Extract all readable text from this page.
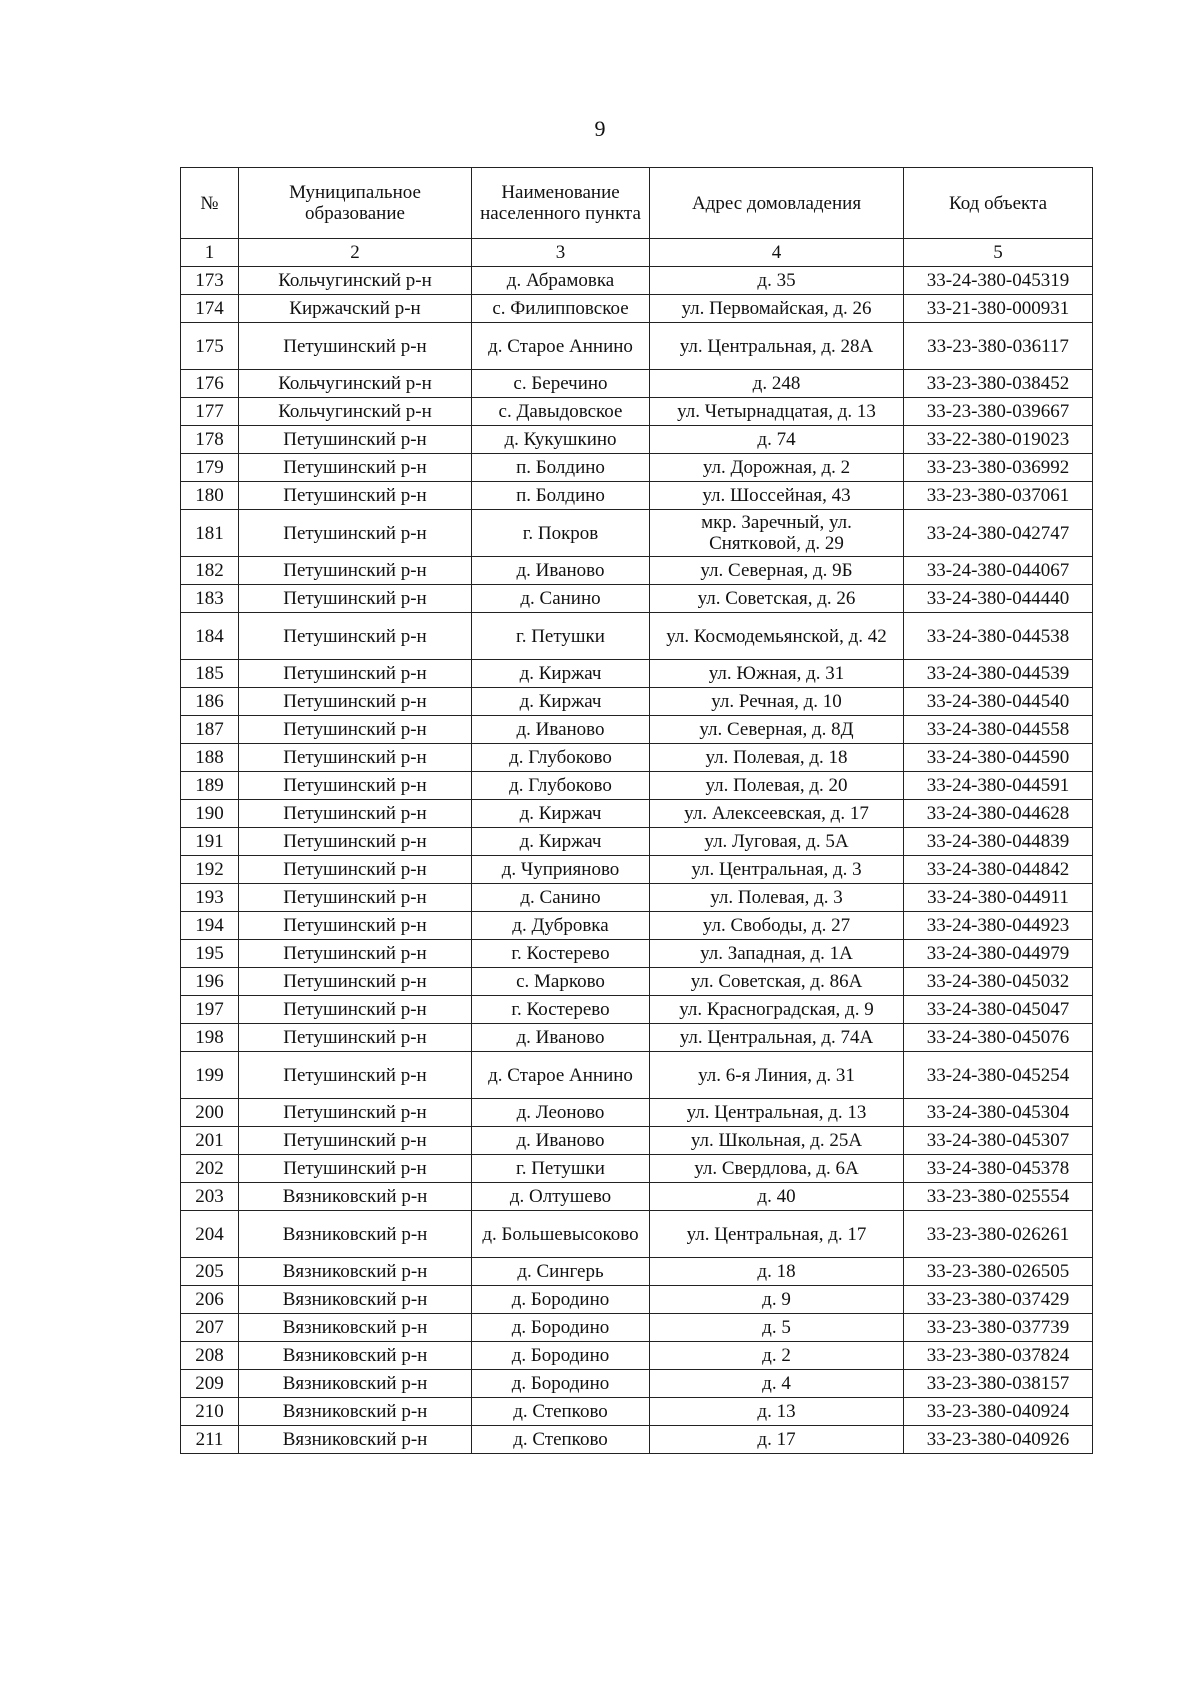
9
№	Муниципальное образование	Наименование населенного пункта	Адрес домовладения	Код объекта
1	2	3	4	5
173	Кольчугинский р-н	д. Абрамовка	д. 35	33-24-380-045319
174	Киржачский р-н	с. Филипповское	ул. Первомайская, д. 26	33-21-380-000931
175	Петушинский р-н	д. Старое Аннино	ул. Центральная, д. 28А	33-23-380-036117
176	Кольчугинский р-н	с. Беречино	д. 248	33-23-380-038452
177	Кольчугинский р-н	с. Давыдовское	ул. Четырнадцатая, д. 13	33-23-380-039667
178	Петушинский р-н	д. Кукушкино	д. 74	33-22-380-019023
179	Петушинский р-н	п. Болдино	ул. Дорожная, д. 2	33-23-380-036992
180	Петушинский р-н	п. Болдино	ул. Шоссейная, 43	33-23-380-037061
181	Петушинский р-н	г. Покров	мкр. Заречный, ул. Сняткoвой, д. 29	33-24-380-042747
182	Петушинский р-н	д. Иваново	ул. Северная, д. 9Б	33-24-380-044067
183	Петушинский р-н	д. Санино	ул. Советская, д. 26	33-24-380-044440
184	Петушинский р-н	г. Петушки	ул. Космодемьянской, д. 42	33-24-380-044538
185	Петушинский р-н	д. Киржач	ул. Южная, д. 31	33-24-380-044539
186	Петушинский р-н	д. Киржач	ул. Речная, д. 10	33-24-380-044540
187	Петушинский р-н	д. Иваново	ул. Северная, д. 8Д	33-24-380-044558
188	Петушинский р-н	д. Глубоково	ул. Полевая, д. 18	33-24-380-044590
189	Петушинский р-н	д. Глубоково	ул. Полевая, д. 20	33-24-380-044591
190	Петушинский р-н	д. Киржач	ул. Алексеевская, д. 17	33-24-380-044628
191	Петушинский р-н	д. Киржач	ул. Луговая, д. 5А	33-24-380-044839
192	Петушинский р-н	д. Чуприяново	ул. Центральная, д. 3	33-24-380-044842
193	Петушинский р-н	д. Санино	ул. Полевая, д. 3	33-24-380-044911
194	Петушинский р-н	д. Дубровка	ул. Свободы, д. 27	33-24-380-044923
195	Петушинский р-н	г. Костерево	ул. Западная, д. 1А	33-24-380-044979
196	Петушинский р-н	с. Марково	ул. Советская, д. 86А	33-24-380-045032
197	Петушинский р-н	г. Костерево	ул. Красноградская, д. 9	33-24-380-045047
198	Петушинский р-н	д. Иваново	ул. Центральная, д. 74А	33-24-380-045076
199	Петушинский р-н	д. Старое Аннино	ул. 6-я Линия, д. 31	33-24-380-045254
200	Петушинский р-н	д. Леоново	ул. Центральная, д. 13	33-24-380-045304
201	Петушинский р-н	д. Иваново	ул. Школьная, д. 25А	33-24-380-045307
202	Петушинский р-н	г. Петушки	ул. Свердлова, д. 6А	33-24-380-045378
203	Вязниковский р-н	д. Олтушево	д. 40	33-23-380-025554
204	Вязниковский р-н	д. Большевысоково	ул. Центральная, д. 17	33-23-380-026261
205	Вязниковский р-н	д. Сингерь	д. 18	33-23-380-026505
206	Вязниковский р-н	д. Бородино	д. 9	33-23-380-037429
207	Вязниковский р-н	д. Бородино	д. 5	33-23-380-037739
208	Вязниковский р-н	д. Бородино	д. 2	33-23-380-037824
209	Вязниковский р-н	д. Бородино	д. 4	33-23-380-038157
210	Вязниковский р-н	д. Степково	д. 13	33-23-380-040924
211	Вязниковский р-н	д. Степково	д. 17	33-23-380-040926
